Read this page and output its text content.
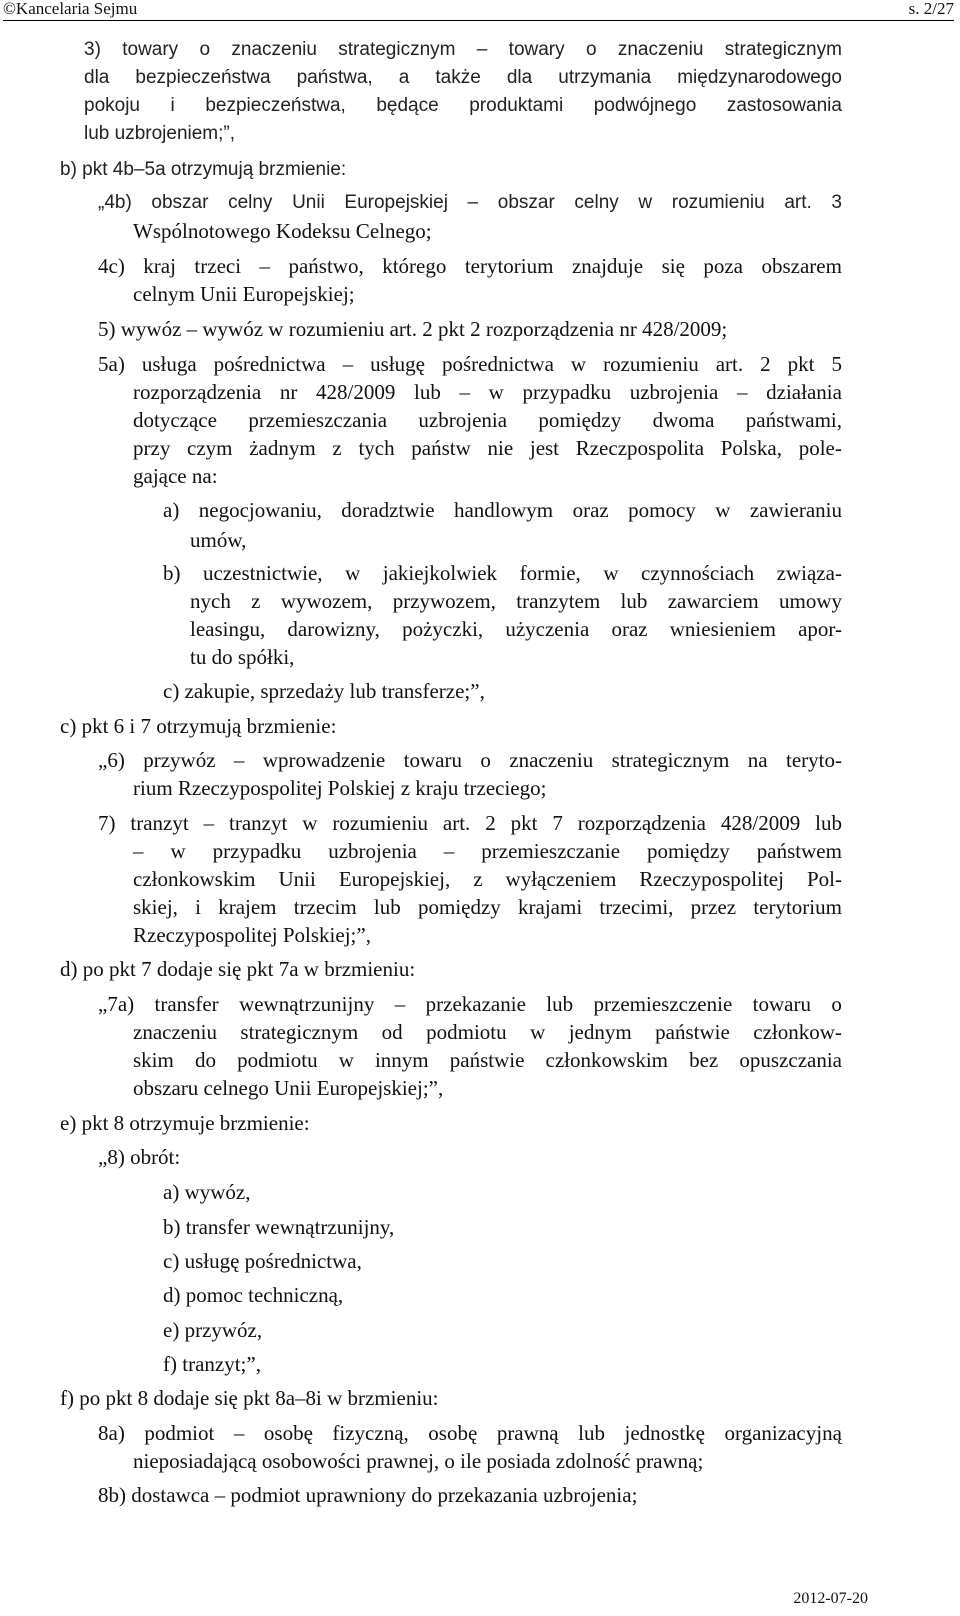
©Kancelaria Sejmu	s. 2/27
3) towary o znaczeniu strategicznym – towary o znaczeniu strategicznym
dla bezpieczeństwa państwa, a także dla utrzymania międzynarodowego
pokoju i bezpieczeństwa, będące produktami podwójnego zastosowania
lub uzbrojeniem;”,
b) pkt 4b–5a otrzymują brzmienie:
„4b) obszar celny Unii Europejskiej – obszar celny w rozumieniu art. 3
Wspólnotowego Kodeksu Celnego;
4c) kraj trzeci – państwo, którego terytorium znajduje się poza obszarem
celnym Unii Europejskiej;
5) wywóz – wywóz w rozumieniu art. 2 pkt 2 rozporządzenia nr 428/2009;
5a) usługa pośrednictwa – usługę pośrednictwa w rozumieniu art. 2 pkt 5
rozporządzenia nr 428/2009 lub – w przypadku uzbrojenia – działania
dotyczące przemieszczania uzbrojenia pomiędzy dwoma państwami,
przy czym żadnym z tych państw nie jest Rzeczpospolita Polska, pole-
gające na:
a) negocjowaniu, doradztwie handlowym oraz pomocy w zawieraniu
umów,
b) uczestnictwie, w jakiejkolwiek formie, w czynnościach związa-
nych z wywozem, przywozem, tranzytem lub zawarciem umowy
leasingu, darowizny, pożyczki, użyczenia oraz wniesieniem apor-
tu do spółki,
c) zakupie, sprzedaży lub transferze;”,
c) pkt 6 i 7 otrzymują brzmienie:
„6) przywóz – wprowadzenie towaru o znaczeniu strategicznym na teryto-
rium Rzeczypospolitej Polskiej z kraju trzeciego;
7) tranzyt – tranzyt w rozumieniu art. 2 pkt 7 rozporządzenia 428/2009 lub
– w przypadku uzbrojenia – przemieszczanie pomiędzy państwem
członkowskim Unii Europejskiej, z wyłączeniem Rzeczypospolitej Pol-
skiej, i krajem trzecim lub pomiędzy krajami trzecimi, przez terytorium
Rzeczypospolitej Polskiej;”,
d) po pkt 7 dodaje się pkt 7a w brzmieniu:
„7a) transfer wewnątrzunijny – przekazanie lub przemieszczenie towaru o
znaczeniu strategicznym od podmiotu w jednym państwie członkow-
skim do podmiotu w innym państwie członkowskim bez opuszczania
obszaru celnego Unii Europejskiej;”,
e) pkt 8 otrzymuje brzmienie:
„8) obrót:
a) wywóz,
b) transfer wewnątrzunijny,
c) usługę pośrednictwa,
d) pomoc techniczną,
e) przywóz,
f) tranzyt;”,
f) po pkt 8 dodaje się pkt 8a–8i w brzmieniu:
8a) podmiot – osobę fizyczną, osobę prawną lub jednostkę organizacyjną
nieposiadającą osobowości prawnej, o ile posiada zdolność prawną;
8b) dostawca – podmiot uprawniony do przekazania uzbrojenia;
2012-07-20
